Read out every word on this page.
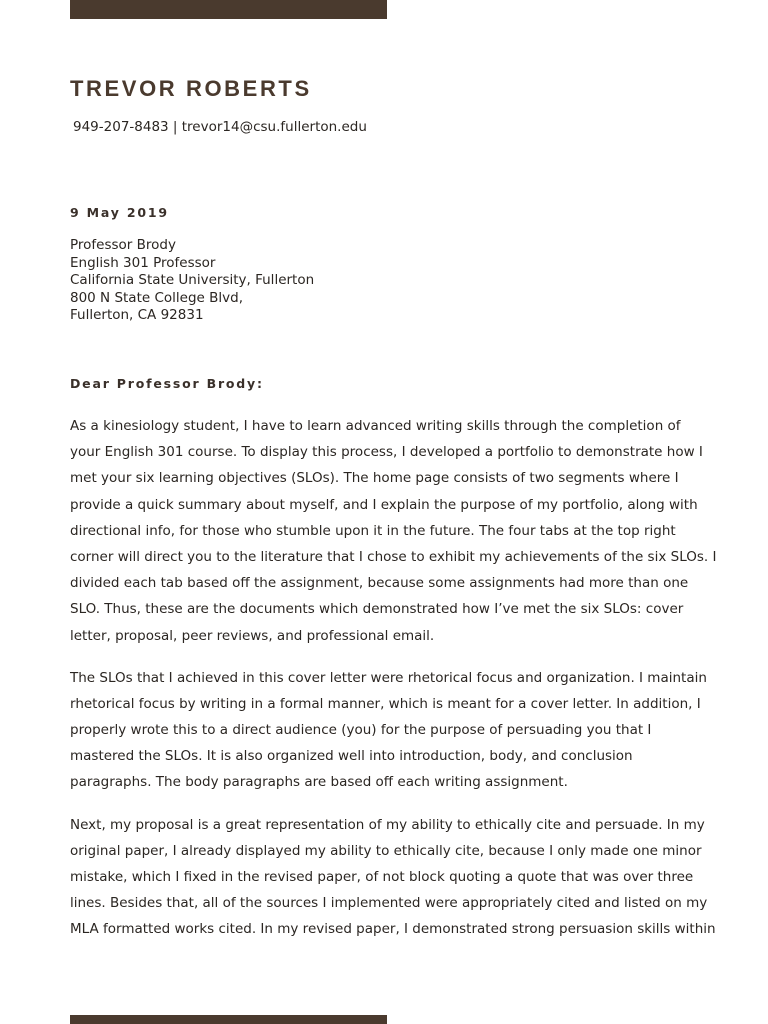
TREVOR ROBERTS
949-207-8483 | trevor14@csu.fullerton.edu
9 May 2019
Professor Brody
English 301 Professor
California State University, Fullerton
800 N State College Blvd,
Fullerton, CA 92831
Dear Professor Brody:
As a kinesiology student, I have to learn advanced writing skills through the completion of
your English 301 course. To display this process, I developed a portfolio to demonstrate how I
met your six learning objectives (SLOs). The home page consists of two segments where I
provide a quick summary about myself, and I explain the purpose of my portfolio, along with
directional info, for those who stumble upon it in the future. The four tabs at the top right
corner will direct you to the literature that I chose to exhibit my achievements of the six SLOs. I
divided each tab based off the assignment, because some assignments had more than one
SLO. Thus, these are the documents which demonstrated how I’ve met the six SLOs: cover
letter, proposal, peer reviews, and professional email.
The SLOs that I achieved in this cover letter were rhetorical focus and organization. I maintain
rhetorical focus by writing in a formal manner, which is meant for a cover letter. In addition, I
properly wrote this to a direct audience (you) for the purpose of persuading you that I
mastered the SLOs. It is also organized well into introduction, body, and conclusion
paragraphs. The body paragraphs are based off each writing assignment.
Next, my proposal is a great representation of my ability to ethically cite and persuade. In my
original paper, I already displayed my ability to ethically cite, because I only made one minor
mistake, which I fixed in the revised paper, of not block quoting a quote that was over three
lines. Besides that, all of the sources I implemented were appropriately cited and listed on my
MLA formatted works cited. In my revised paper, I demonstrated strong persuasion skills within
